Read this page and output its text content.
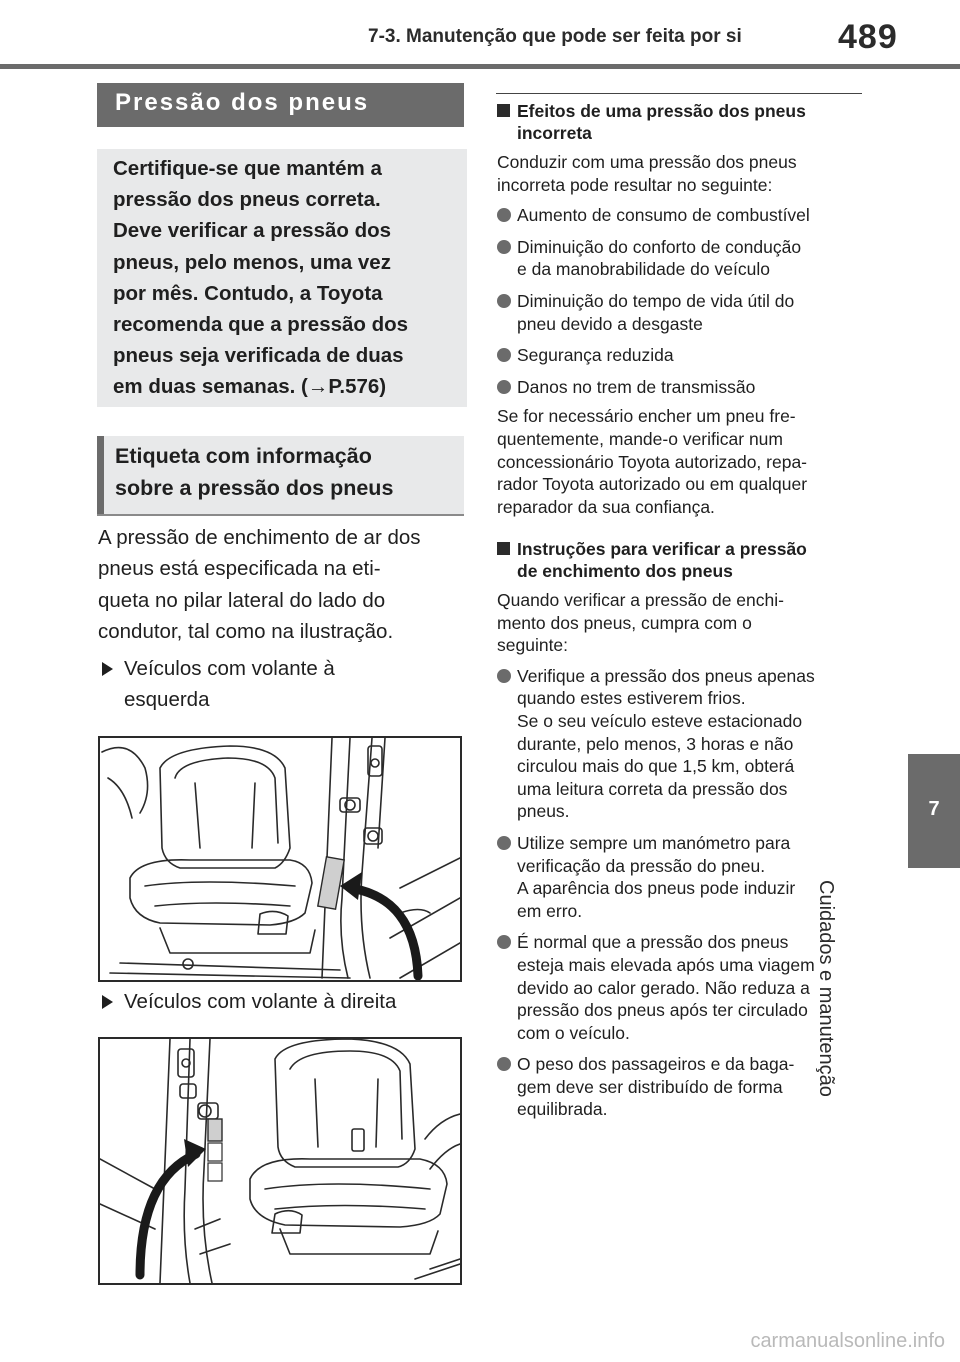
7-3. Manutenção que pode ser feita por si	489
7
Cuidados e manutenção
Pressão dos pneus

Certifique-se que mantém a

pressão dos pneus correta.

Deve verificar a pressão dos

pneus, pelo menos, uma vez

por mês. Contudo, a Toyota

recomenda que a pressão dos

pneus seja verificada de duas

em duas semanas. (→P.576)

Etiqueta com informação

sobre a pressão dos pneus

A pressão de enchimento de ar dos
pneus está especificada na eti-
queta no pilar lateral do lado do
condutor, tal como na ilustração.
Veículos com volante à
esquerda
Veículos com volante à direita
Efeitos de uma pressão dos pneus
incorreta
Conduzir com uma pressão dos pneus
incorreta pode resultar no seguinte:
Aumento de consumo de combustível
Diminuição do conforto de condução
e da manobrabilidade do veículo
Diminuição do tempo de vida útil do
pneu devido a desgaste
Segurança reduzida
Danos no trem de transmissão
Se for necessário encher um pneu fre-
quentemente, mande-o verificar num
concessionário Toyota autorizado, repa-
rador Toyota autorizado ou em qualquer
reparador da sua confiança.
Instruções para verificar a pressão
de enchimento dos pneus
Quando verificar a pressão de enchi-
mento dos pneus, cumpra com o
seguinte:
Verifique a pressão dos pneus apenas
quando estes estiverem frios.
Se o seu veículo esteve estacionado
durante, pelo menos, 3 horas e não
circulou mais do que 1,5 km, obterá
uma leitura correta da pressão dos
pneus.
Utilize sempre um manómetro para
verificação da pressão do pneu.
A aparência dos pneus pode induzir
em erro.
É normal que a pressão dos pneus
esteja mais elevada após uma viagem
devido ao calor gerado. Não reduza a
pressão dos pneus após ter circulado
com o veículo.
O peso dos passageiros e da baga-
gem deve ser distribuído de forma
equilibrada.
carmanualsonline.info
